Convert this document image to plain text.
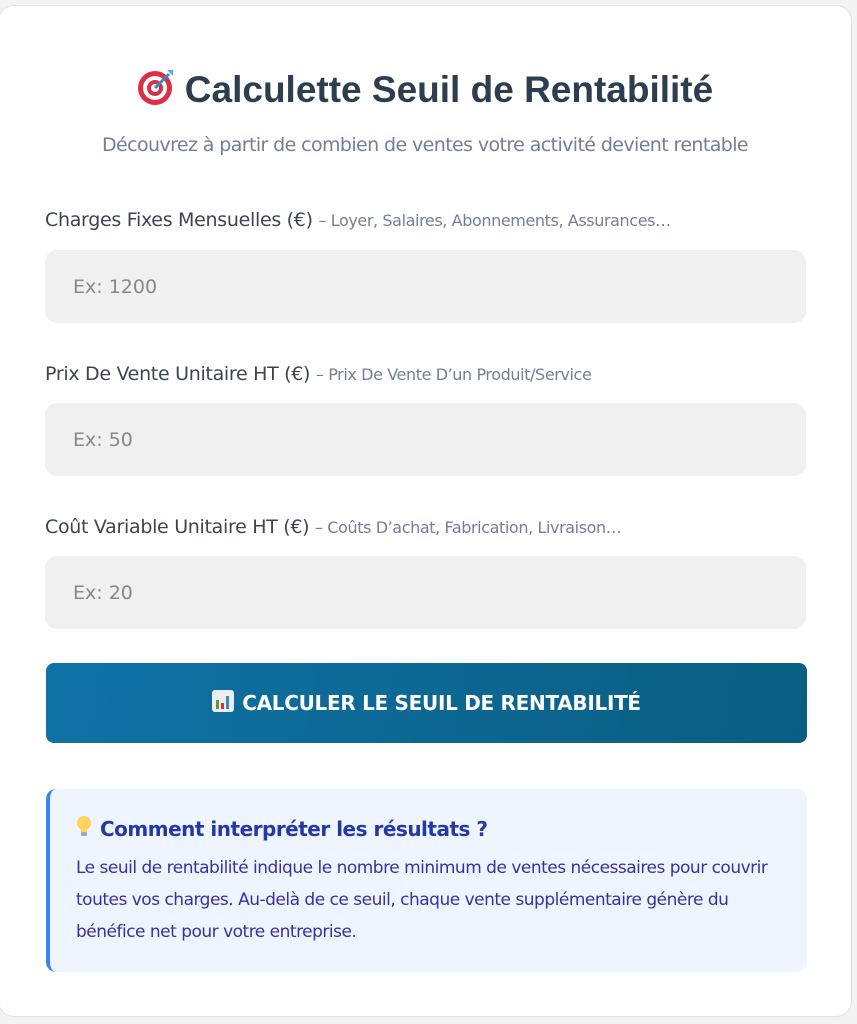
Calculette Seuil de Rentabilité
Découvrez à partir de combien de ventes votre activité devient rentable
Charges Fixes Mensuelles (€) – Loyer, Salaires, Abonnements, Assurances…
Ex: 1200
Prix De Vente Unitaire HT (€) – Prix De Vente D’un Produit/Service
Ex: 50
Coût Variable Unitaire HT (€) – Coûts D’achat, Fabrication, Livraison…
Ex: 20
CALCULER LE SEUIL DE RENTABILITÉ
Comment interpréter les résultats ?

Le seuil de rentabilité indique le nombre minimum de ventes nécessaires pour couvrir toutes vos charges. Au-delà de ce seuil, chaque vente supplémentaire génère du bénéfice net pour votre entreprise.
